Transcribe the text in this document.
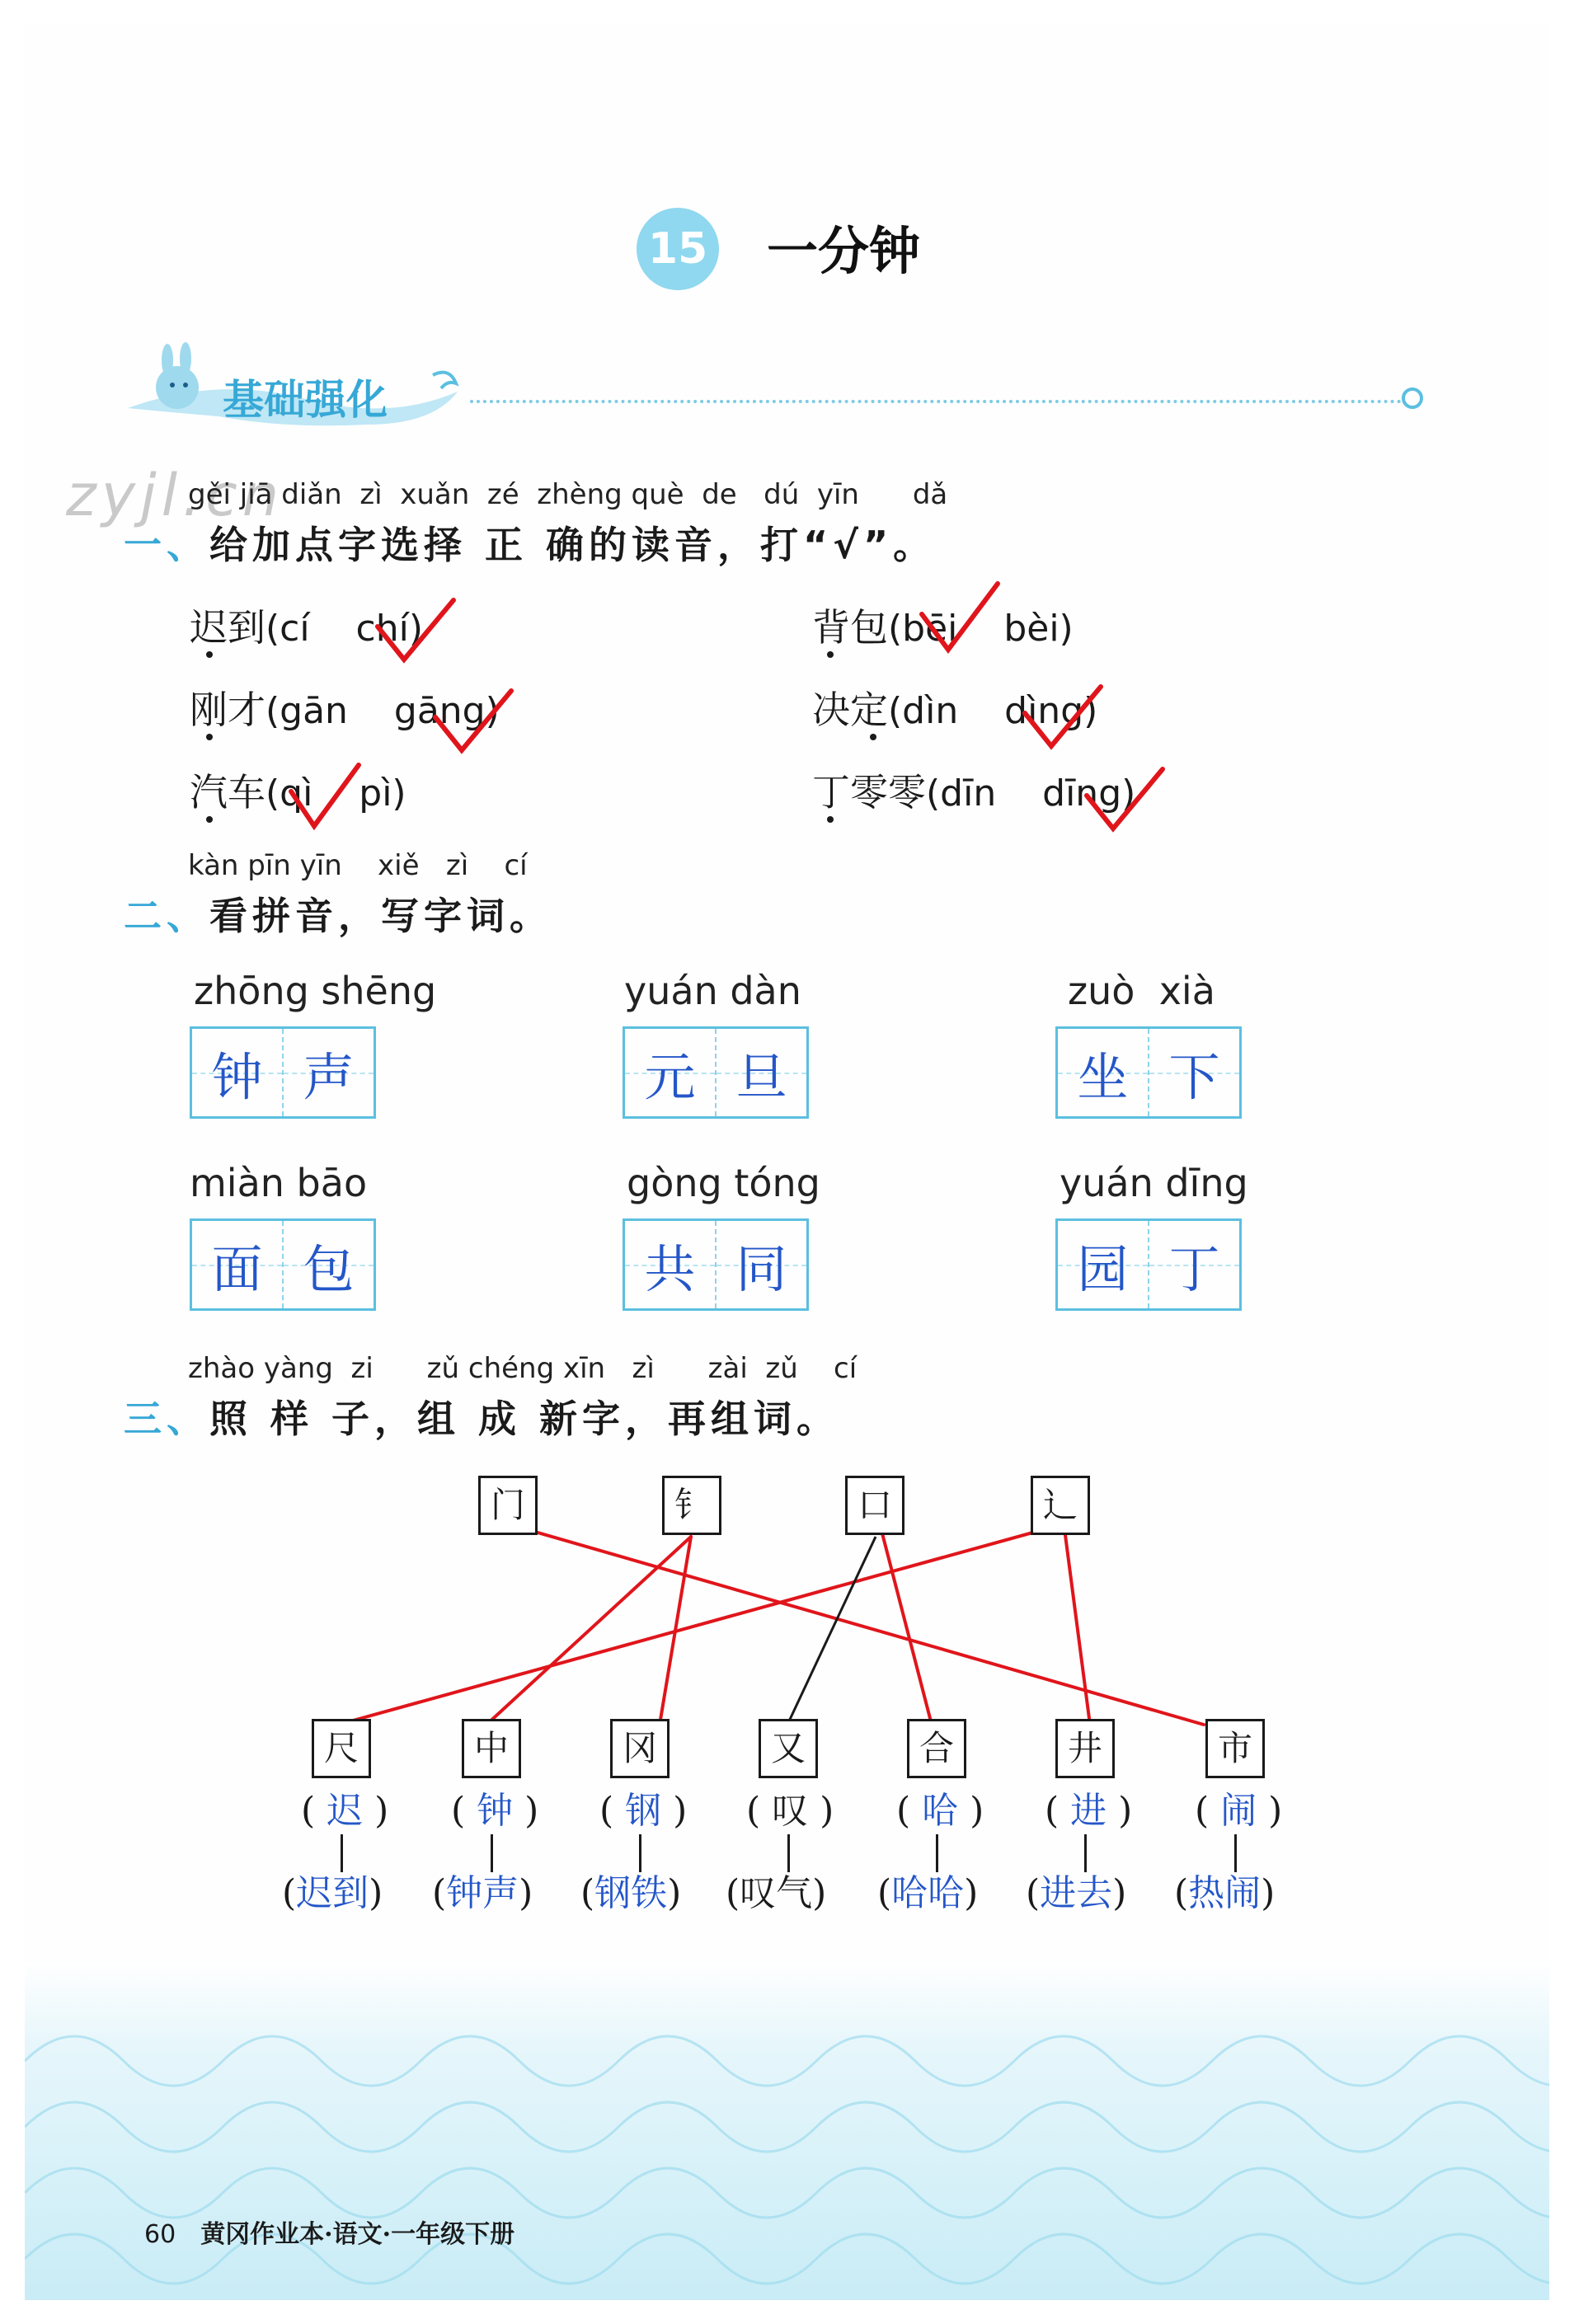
15 一分钟
基础强化
zyjl.cn
gěi jiā diǎn  zì  xuǎn  zé  zhèng què  de   dú  yīn      dǎ
一、给加点字选择 正 确的读音，打“√”。
迟到(cí    chí)
刚才(gān    gāng)
汽车(qì    pì)
背包(bēi    bèi)
决定(dìn    dìng)
丁零零(dīn    dīng)
kàn pīn yīn    xiě   zì    cí
二、看拼音，写字词。
zhōng shēng
钟 声
yuán dàn
元 旦
zuò  xià
坐 下
miàn bāo
面 包
gòng tóng
共 同
yuán dīng
园 丁
zhào yàng  zi      zǔ chéng xīn   zì      zài  zǔ    cí
三、照 样 子，组 成 新字，再组词。
门	钅	口	辶
尺	中	冈	又	合	井	市
( 迟 ) ( 钟 ) ( 钢 ) ( 叹 ) ( 哈 ) ( 进 ) ( 闹 )
(迟到) (钟声) (钢铁) (叹气) (哈哈) (进去) (热闹)
60 黄冈作业本·语文·一年级下册
